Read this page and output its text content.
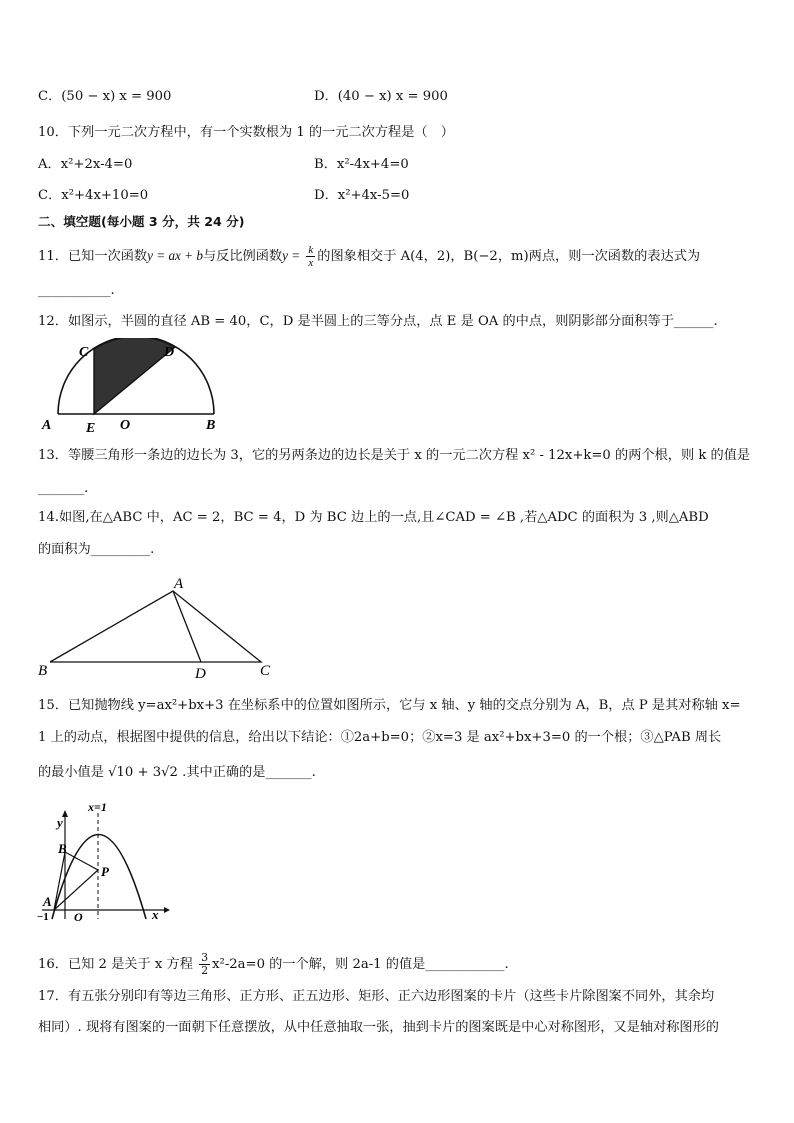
C．(50 − x) x = 900	D．(40 − x) x = 900
10．下列一元二次方程中，有一个实数根为 1 的一元二次方程是（　）
A．x²+2x-4=0	B．x²-4x+4=0
C．x²+4x+10=0	D．x²+4x-5=0
二、填空题(每小题 3 分，共 24 分)
11．已知一次函数y = ax + b与反比例函数$y = \frac{k}{x}$ 的图象相交于 A(4，2)，B(−2，m)两点，则一次函数的表达式为
___________.
12．如图示，半圆的直径 AB = 40，C，D 是半圆上的三等分点，点 E 是 OA 的中点，则阴影部分面积等于______.
A	B
C	D
E O
13．等腰三角形一条边的边长为 3，它的另两条边的边长是关于 x 的一元二次方程 x² - 12x+k=0 的两个根，则 k 的值是
_______.
14.如图,在△ABC 中，AC = 2，BC = 4，D 为 BC 边上的一点,且∠CAD = ∠B ,若△ADC 的面积为 3 ,则△ABD
的面积为_________.
A
B	D	C
15．已知抛物线 y=ax²+bx+3 在坐标系中的位置如图所示，它与 x 轴、y 轴的交点分别为 A，B，点 P 是其对称轴 x=
1 上的动点，根据图中提供的信息，给出以下结论：①2a+b=0；②x=3 是 ax²+bx+3=0 的一个根；③△PAB 周长
的最小值是 √10 + 3√2 .其中正确的是_______.
x=1
y
B
P
A
−1 O	x
16．已知 2 是关于 x 方程 $\frac{3}{2} x^2-2a=0$ 的一个解，则 2a-1 的值是____________.
17．有五张分别印有等边三角形、正方形、正五边形、矩形、正六边形图案的卡片（这些卡片除图案不同外，其余均
相同）. 现将有图案的一面朝下任意摆放，从中任意抽取一张，抽到卡片的图案既是中心对称图形，又是轴对称图形的
